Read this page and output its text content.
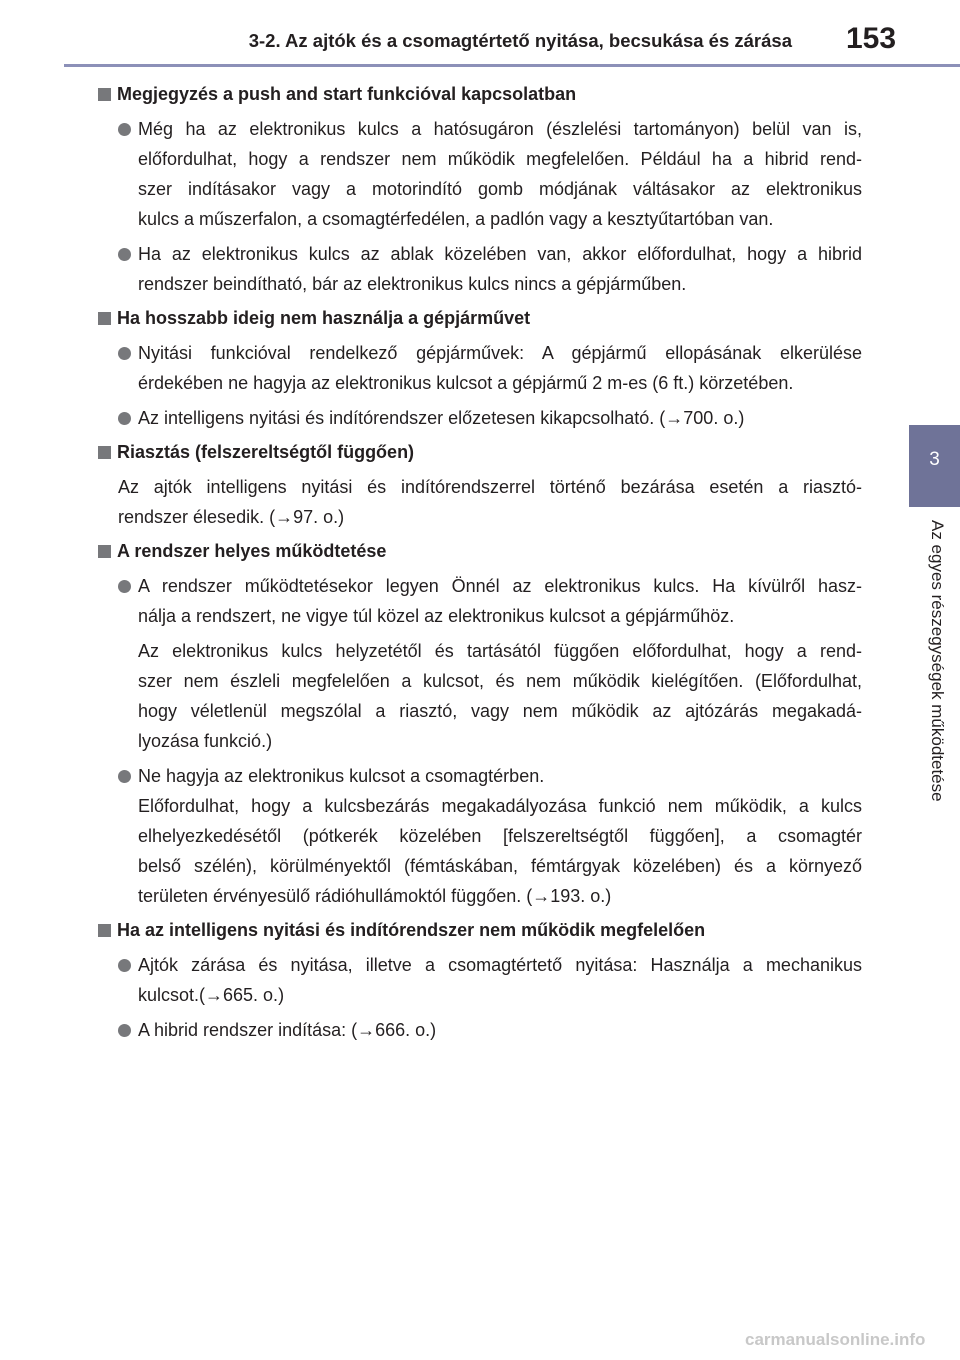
3-2. Az ajtók és a csomagtértető nyitása, becsukása és zárása 153
3
Az egyes részegységek működtetése
Megjegyzés a push and start funkcióval kapcsolatban
Még ha az elektronikus kulcs a hatósugáron (észlelési tartományon) belül van is,
előfordulhat, hogy a rendszer nem működik megfelelően. Például ha a hibrid rend-
szer indításakor vagy a motorindító gomb módjának váltásakor az elektronikus
kulcs a műszerfalon, a csomagtérfedélen, a padlón vagy a kesztyűtartóban van.
Ha az elektronikus kulcs az ablak közelében van, akkor előfordulhat, hogy a hibrid
rendszer beindítható, bár az elektronikus kulcs nincs a gépjárműben.
Ha hosszabb ideig nem használja a gépjárművet
Nyitási funkcióval rendelkező gépjárművek: A gépjármű ellopásának elkerülése
érdekében ne hagyja az elektronikus kulcsot a gépjármű 2 m-es (6 ft.) körzetében.
Az intelligens nyitási és indítórendszer előzetesen kikapcsolható. (→700. o.)
Riasztás (felszereltségtől függően)
Az ajtók intelligens nyitási és indítórendszerrel történő bezárása esetén a riasztó-
rendszer élesedik. (→97. o.)
A rendszer helyes működtetése
A rendszer működtetésekor legyen Önnél az elektronikus kulcs. Ha kívülről hasz-
nálja a rendszert, ne vigye túl közel az elektronikus kulcsot a gépjárműhöz.
Az elektronikus kulcs helyzetétől és tartásától függően előfordulhat, hogy a rend-
szer nem észleli megfelelően a kulcsot, és nem működik kielégítően. (Előfordulhat,
hogy véletlenül megszólal a riasztó, vagy nem működik az ajtózárás megakadá-
lyozása funkció.)
Ne hagyja az elektronikus kulcsot a csomagtérben.
Előfordulhat, hogy a kulcsbezárás megakadályozása funkció nem működik, a kulcs
elhelyezkedésétől (pótkerék közelében [felszereltségtől függően], a csomagtér
belső szélén), körülményektől (fémtáskában, fémtárgyak közelében) és a környező
területen érvényesülő rádióhullámoktól függően. (→193. o.)
Ha az intelligens nyitási és indítórendszer nem működik megfelelően
Ajtók zárása és nyitása, illetve a csomagtértető nyitása: Használja a mechanikus
kulcsot.(→665. o.)
A hibrid rendszer indítása: (→666. o.)
carmanualsonline.info
